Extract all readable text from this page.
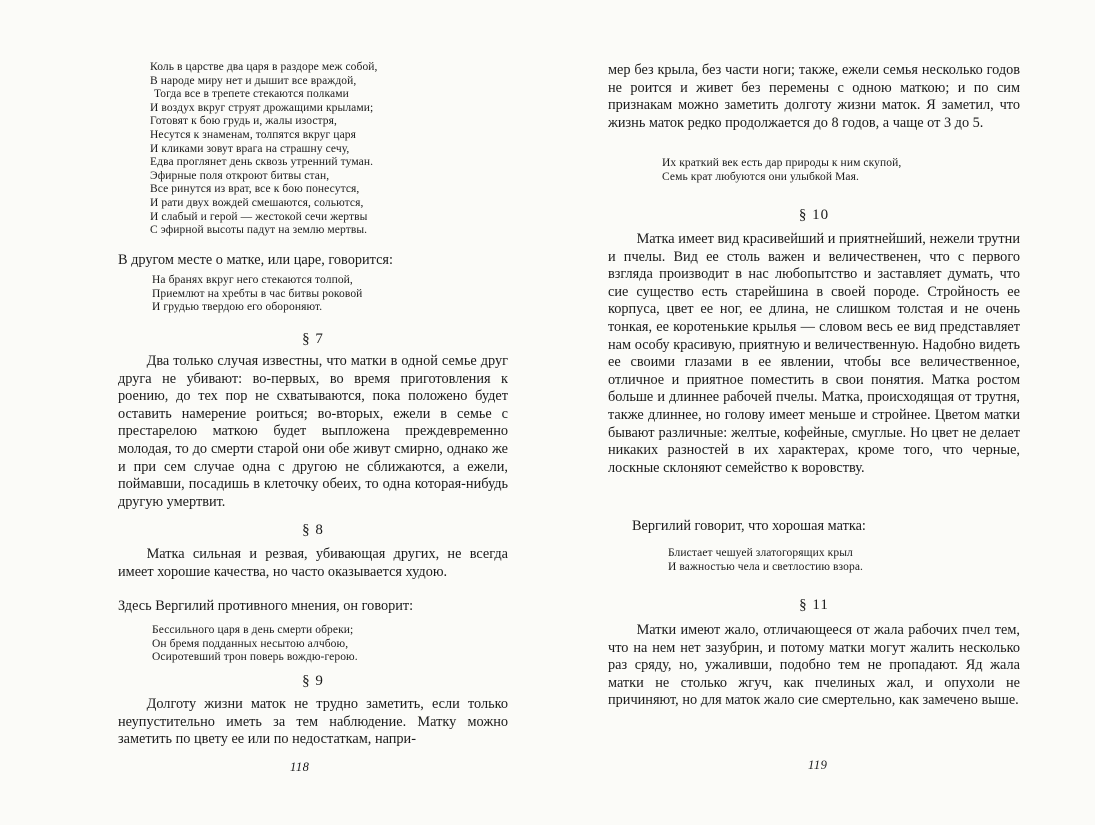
Коль в царстве два царя в раздоре меж собой,
В народе миру нет и дышит все враждой,
Тогда все в трепете стекаются полками
И воздух вкруг струят дрожащими крылами;
Готовят к бою грудь и, жалы изостря,
Несутся к знаменам, толпятся вкруг царя
И кликами зовут врага на страшну сечу,
Едва проглянет день сквозь утренний туман.
Эфирные поля откроют битвы стан,
Все ринутся из врат, все к бою понесутся,
И рати двух вождей смешаются, сольются,
И слабый и герой — жестокой сечи жертвы
С эфирной высоты падут на землю мертвы.
В другом месте о матке, или царе, говорится:
На бранях вкруг него стекаются толпой,
Приемлют на хребты в час битвы роковой
И грудью твердою его обороняют.
§ 7

Два только случая известны, что матки в одной семье друг друга не убивают: во-первых, во время приготовления к роению, до тех пор не схватываются, пока положено будет оставить намерение роиться; во-вторых, ежели в семье с престарелою маткою будет выпложена преждевременно молодая, то до смерти старой они обе живут смирно, однако же и при сем случае одна с другою не сближаются, а ежели, поймавши, посадишь в клеточку обеих, то одна которая-нибудь другую умертвит.

§ 8

Матка сильная и резвая, убивающая других, не всегда имеет хорошие качества, но часто оказывается худою.

Здесь Вергилий противного мнения, он говорит:
Бессильного царя в день смерти обреки;
Он бремя подданных несытою алчбою,
Осиротевший трон поверь вождю-герою.
§ 9

Долготу жизни маток не трудно заметить, если только неупустительно иметь за тем наблюдение. Матку можно заметить по цвету ее или по недостаткам, напри-

118

мер без крыла, без части ноги; также, ежели семья несколько годов не роится и живет без перемены с одною маткою; и по сим признакам можно заметить долготу жизни маток. Я заметил, что жизнь маток редко продолжается до 8 годов, а чаще от 3 до 5.

Их краткий век есть дар природы к ним скупой,
Семь крат любуются они улыбкой Мая.
§ 10

Матка имеет вид красивейший и приятнейший, нежели трутни и пчелы. Вид ее столь важен и величественен, что с первого взгляда производит в нас любопытство и заставляет думать, что сие существо есть старейшина в своей породе. Стройность ее корпуса, цвет ее ног, ее длина, не слишком толстая и не очень тонкая, ее коротенькие крылья — словом весь ее вид представляет нам особу красивую, приятную и величественную. Надобно видеть ее своими глазами в ее явлении, чтобы все величественное, отличное и приятное поместить в свои понятия. Матка ростом больше и длиннее рабочей пчелы. Матка, происходящая от трутня, также длиннее, но голову имеет меньше и стройнее. Цветом матки бывают различные: желтые, кофейные, смуглые. Но цвет не делает никаких разностей в их характерах, кроме того, что черные, лоскные склоняют семейство к воровству.

Вергилий говорит, что хорошая матка:
Блистает чешуей златогорящих крыл
И важностью чела и светлостию взора.
§ 11

Матки имеют жало, отличающееся от жала рабочих пчел тем, что на нем нет зазубрин, и потому матки могут жалить несколько раз сряду, но, ужаливши, подобно тем не пропадают. Яд жала матки не столько жгуч, как пчелиных жал, и опухоли не причиняют, но для маток жало сие смертельно, как замечено выше.

119
